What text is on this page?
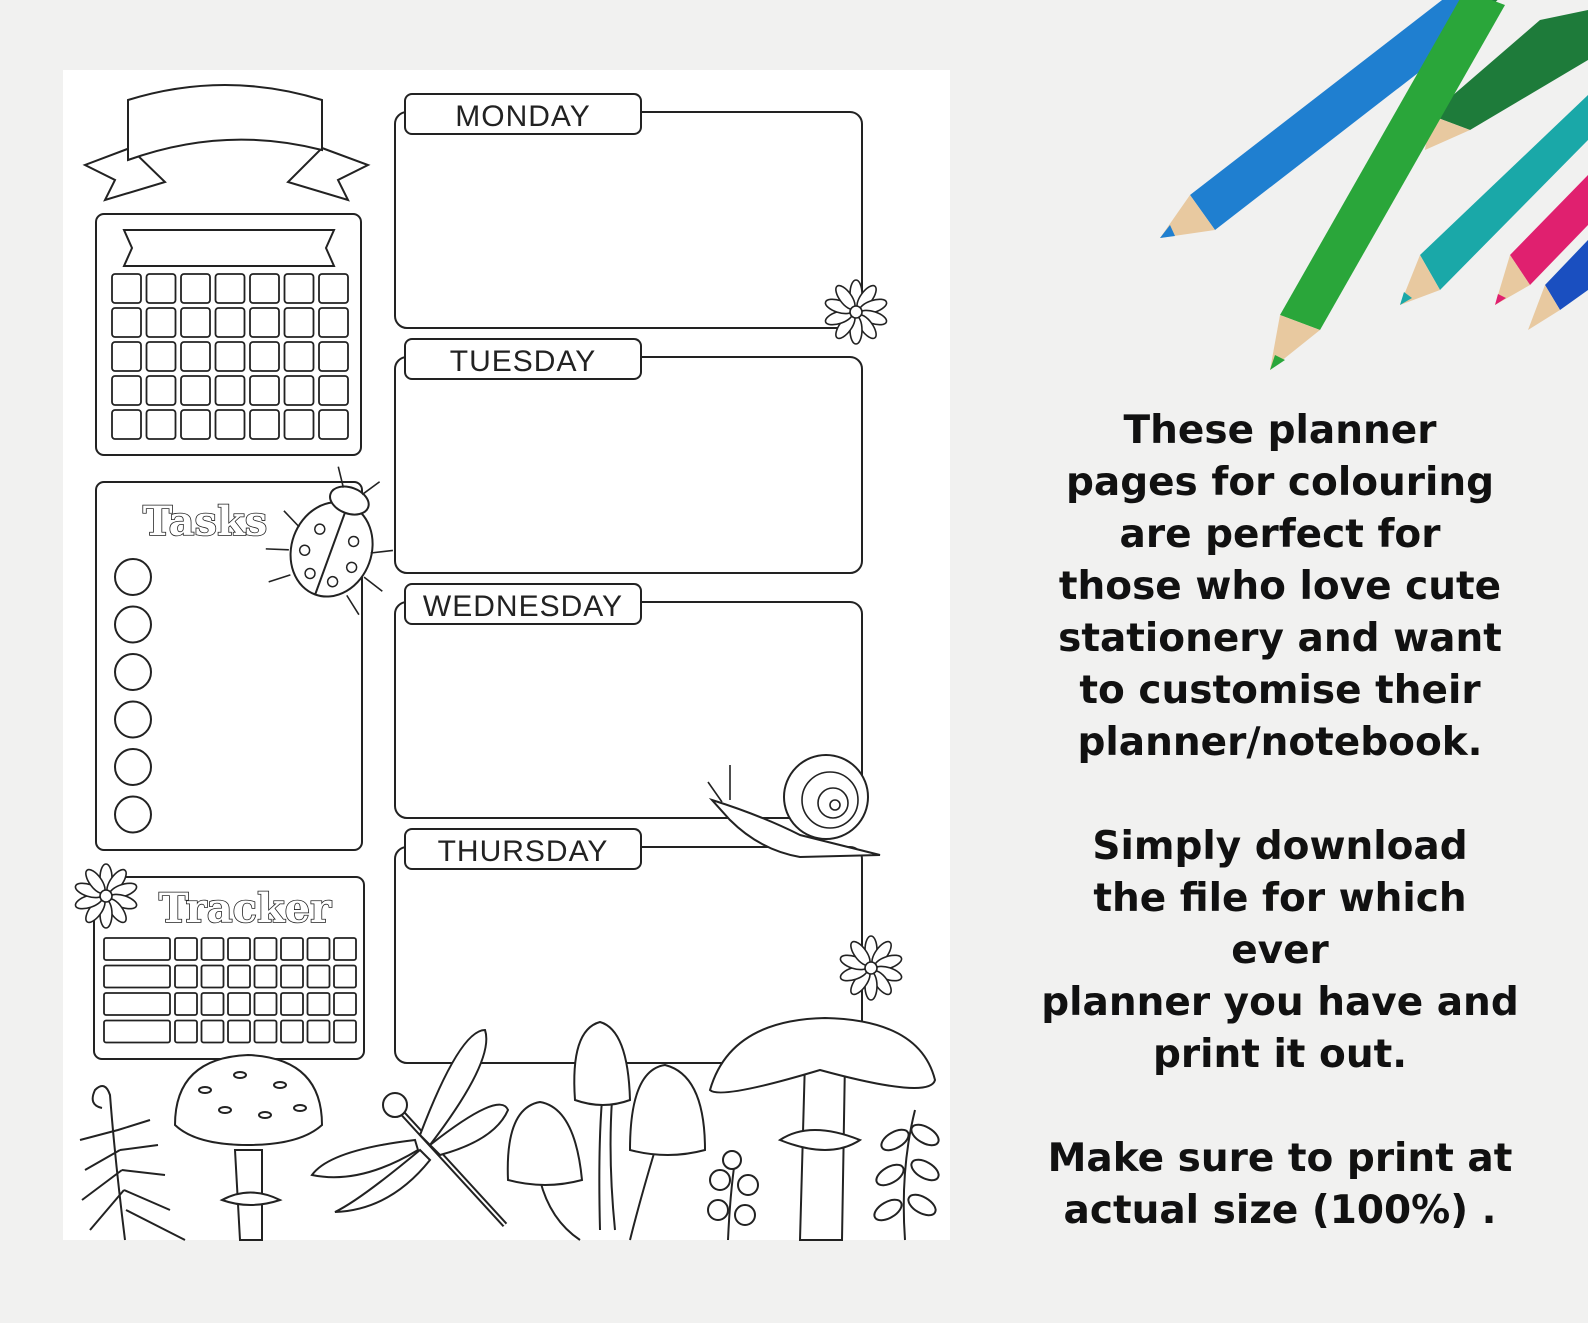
Tasks
Tracker
MONDAY
TUESDAY
WEDNESDAY
THURSDAY

These planner
pages for colouring
are perfect for
those who love cute
stationery and want
to customise their
planner/notebook.

Simply download
the file for which ever
planner you have and
print it out.

Make sure to print at
actual size (100%) .
